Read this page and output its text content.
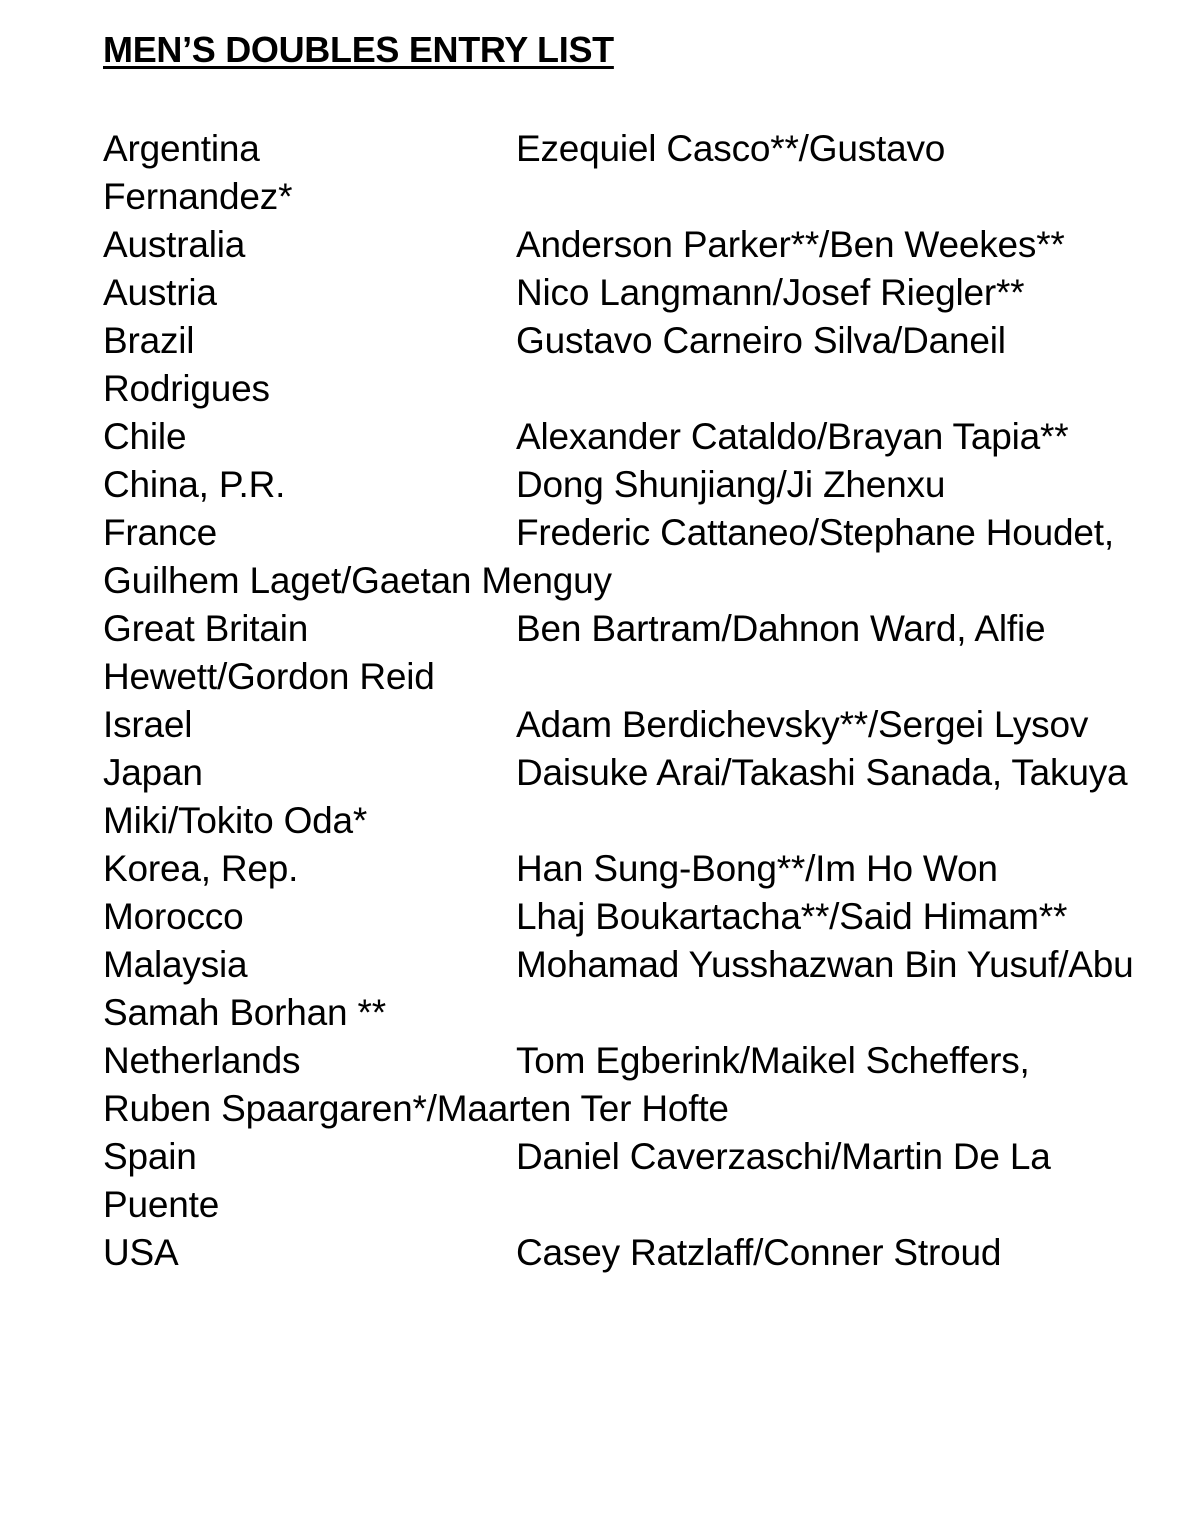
MEN’S DOUBLES ENTRY LIST
Argentina	Ezequiel Casco**/Gustavo Fernandez*
Australia	Anderson Parker**/Ben Weekes**
Austria	Nico Langmann/Josef Riegler**
Brazil	Gustavo Carneiro Silva/Daneil Rodrigues
Chile	Alexander Cataldo/Brayan Tapia**
China, P.R.	Dong Shunjiang/Ji Zhenxu
France	Frederic Cattaneo/Stephane Houdet, Guilhem Laget/Gaetan Menguy
Great Britain	Ben Bartram/Dahnon Ward, Alfie Hewett/Gordon Reid
Israel	Adam Berdichevsky**/Sergei Lysov
Japan	Daisuke Arai/Takashi Sanada, Takuya Miki/Tokito Oda*
Korea, Rep.	Han Sung-Bong**/Im Ho Won
Morocco	Lhaj Boukartacha**/Said Himam**
Malaysia	Mohamad Yusshazwan Bin Yusuf/Abu Samah Borhan **
Netherlands	Tom Egberink/Maikel Scheffers, Ruben Spaargaren*/Maarten Ter Hofte
Spain	Daniel Caverzaschi/Martin De La Puente
USA	Casey Ratzlaff/Conner Stroud
